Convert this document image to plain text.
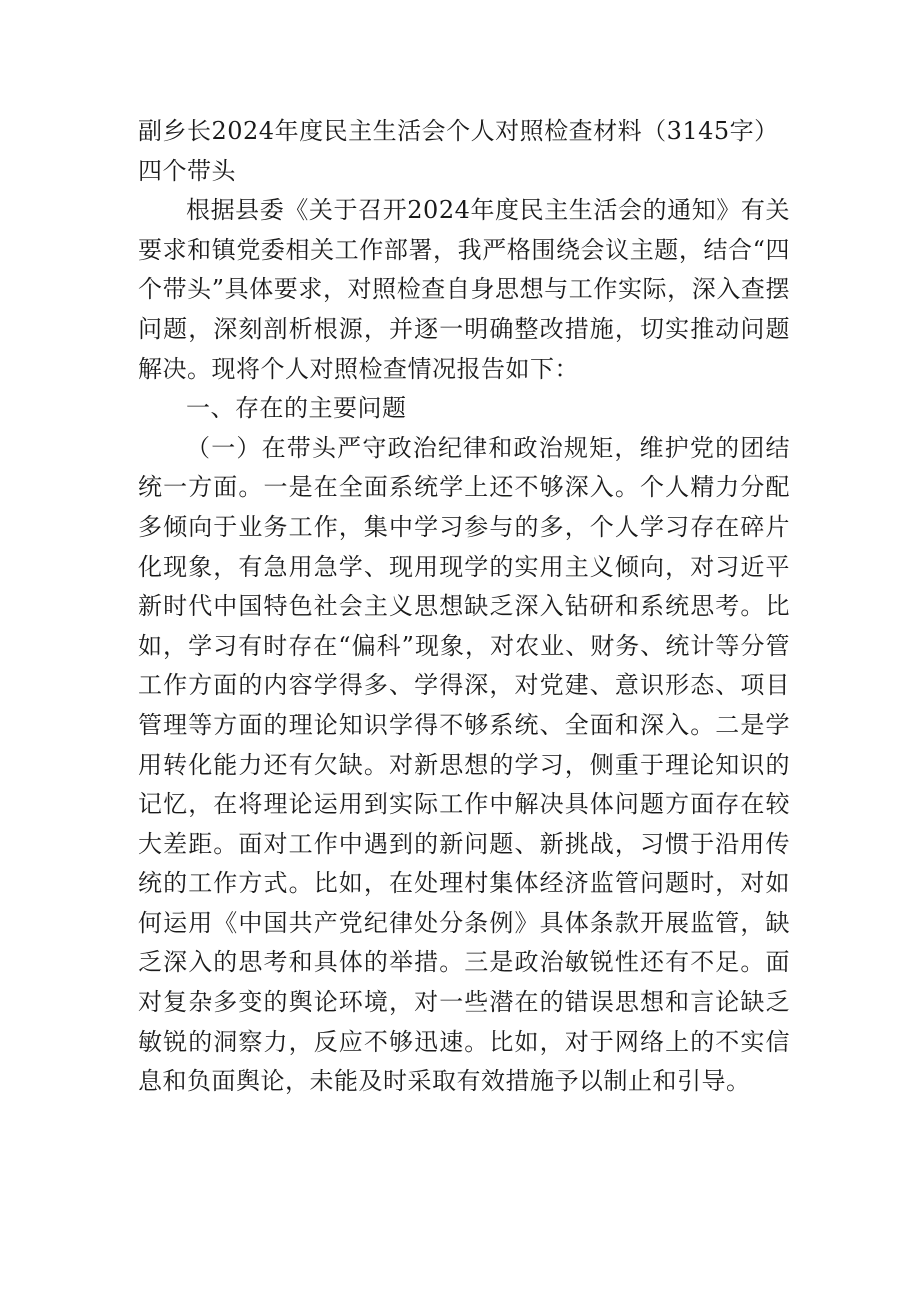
副乡长2024年度民主生活会个人对照检查材料（3145字）四个带头

根据县委《关于召开2024年度民主生活会的通知》有关要求和镇党委相关工作部署，我严格围绕会议主题，结合“四个带头”具体要求，对照检查自身思想与工作实际，深入查摆问题，深刻剖析根源，并逐一明确整改措施，切实推动问题解决。现将个人对照检查情况报告如下：

一、存在的主要问题

（一）在带头严守政治纪律和政治规矩，维护党的团结统一方面。一是在全面系统学上还不够深入。个人精力分配多倾向于业务工作，集中学习参与的多，个人学习存在碎片化现象，有急用急学、现用现学的实用主义倾向，对习近平新时代中国特色社会主义思想缺乏深入钻研和系统思考。比如，学习有时存在“偏科”现象，对农业、财务、统计等分管工作方面的内容学得多、学得深，对党建、意识形态、项目管理等方面的理论知识学得不够系统、全面和深入。二是学用转化能力还有欠缺。对新思想的学习，侧重于理论知识的记忆，在将理论运用到实际工作中解决具体问题方面存在较大差距。面对工作中遇到的新问题、新挑战，习惯于沿用传统的工作方式。比如，在处理村集体经济监管问题时，对如何运用《中国共产党纪律处分条例》具体条款开展监管，缺乏深入的思考和具体的举措。三是政治敏锐性还有不足。面对复杂多变的舆论环境，对一些潜在的错误思想和言论缺乏敏锐的洞察力，反应不够迅速。比如，对于网络上的不实信息和负面舆论，未能及时采取有效措施予以制止和引导。
